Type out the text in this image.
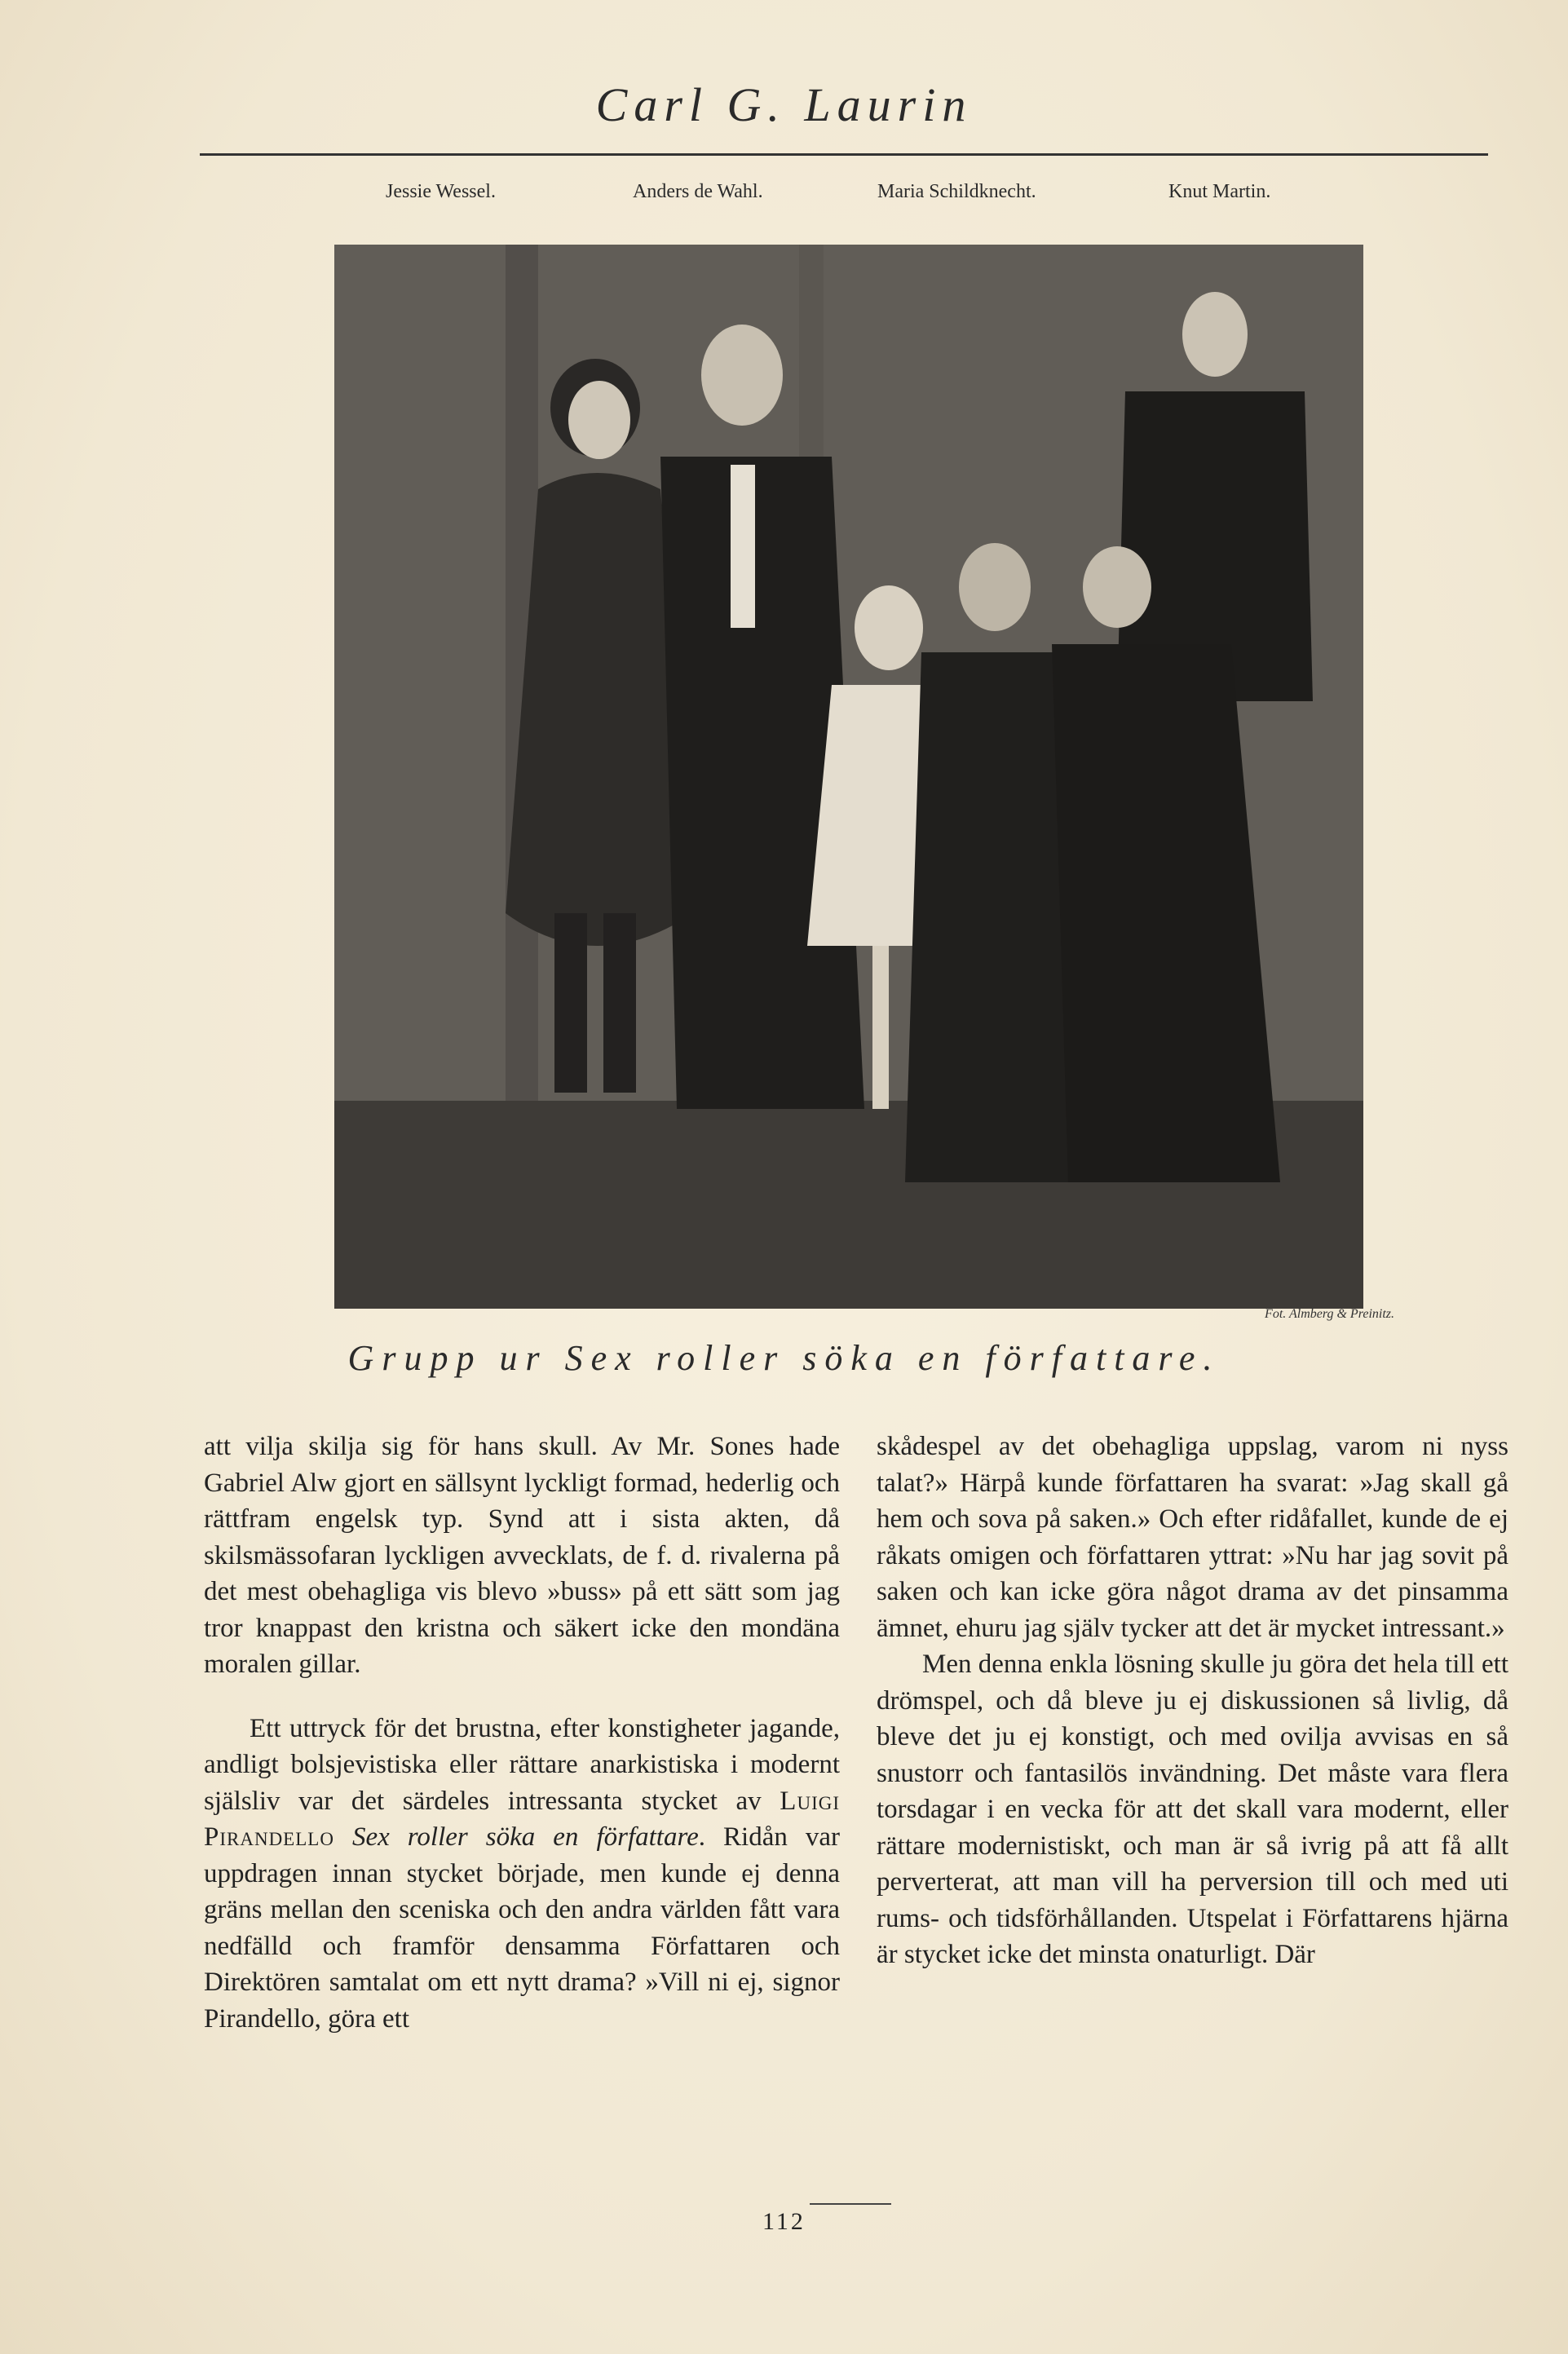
Carl G. Laurin
Jessie Wessel.	Anders de Wahl.	Maria Schildknecht.	Knut Martin.
Fot. Almberg & Preinitz.
Grupp ur Sex roller söka en författare.

att vilja skilja sig för hans skull. Av Mr. Sones hade Gabriel Alw gjort en sällsynt lyckligt formad, hederlig och rättfram engelsk typ. Synd att i sista akten, då skilsmässofaran lyckligen avvecklats, de f. d. rivalerna på det mest obehagliga vis blevo »buss» på ett sätt som jag tror knappast den kristna och säkert icke den mondäna moralen gillar.

Ett uttryck för det brustna, efter konstigheter jagande, andligt bolsjevistiska eller rättare anarkistiska i modernt själsliv var det särdeles intressanta stycket av Luigi Pirandello Sex roller söka en författare. Ridån var uppdragen innan stycket började, men kunde ej denna gräns mellan den sceniska och den andra världen fått vara nedfälld och framför densamma Författaren och Direktören samtalat om ett nytt drama? »Vill ni ej, signor Pirandello, göra ett

skådespel av det obehagliga uppslag, varom ni nyss talat?» Härpå kunde författaren ha svarat: »Jag skall gå hem och sova på saken.» Och efter ridåfallet, kunde de ej råkats omigen och författaren yttrat: »Nu har jag sovit på saken och kan icke göra något drama av det pinsamma ämnet, ehuru jag själv tycker att det är mycket intressant.»

Men denna enkla lösning skulle ju göra det hela till ett drömspel, och då bleve ju ej diskussionen så livlig, då bleve det ju ej konstigt, och med ovilja avvisas en så snustorr och fantasilös invändning. Det måste vara flera torsdagar i en vecka för att det skall vara modernt, eller rättare modernistiskt, och man är så ivrig på att få allt perverterat, att man vill ha perversion till och med uti rums- och tidsförhållanden. Utspelat i Författarens hjärna är stycket icke det minsta onaturligt. Där

112
